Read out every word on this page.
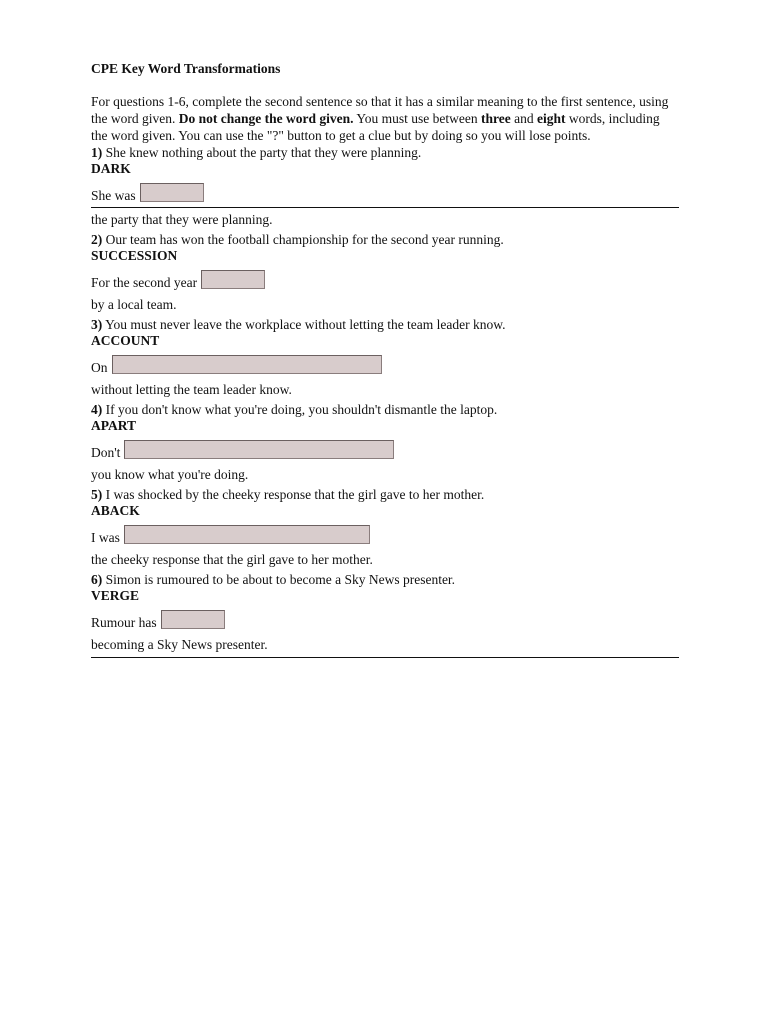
CPE Key Word Transformations
For questions 1-6, complete the second sentence so that it has a similar meaning to the first sentence, using the word given. Do not change the word given. You must use between three and eight words, including the word given. You can use the "?" button to get a clue but by doing so you will lose points.
1) She knew nothing about the party that they were planning.
DARK
She was
the party that they were planning.
2) Our team has won the football championship for the second year running.
SUCCESSION
For the second year
by a local team.
3) You must never leave the workplace without letting the team leader know.
ACCOUNT
On
without letting the team leader know.
4) If you don't know what you're doing, you shouldn't dismantle the laptop.
APART
Don't
you know what you're doing.
5) I was shocked by the cheeky response that the girl gave to her mother.
ABACK
I was
the cheeky response that the girl gave to her mother.
6) Simon is rumoured to be about to become a Sky News presenter.
VERGE
Rumour has
becoming a Sky News presenter.
